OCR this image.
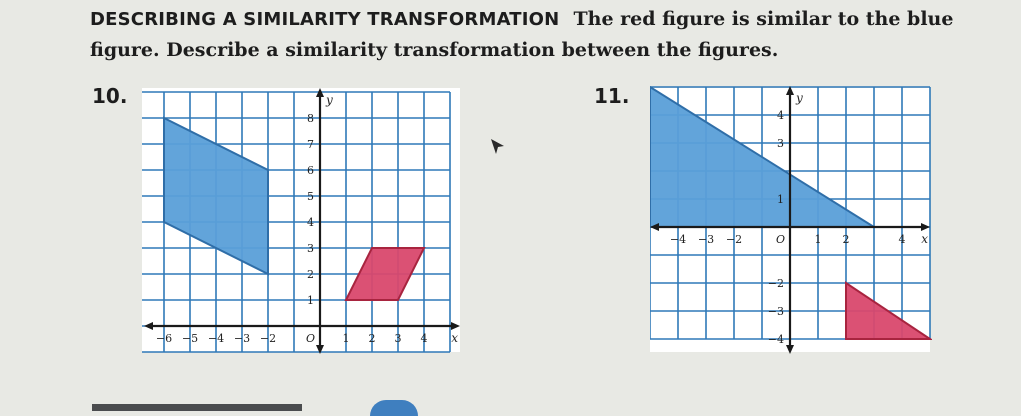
DESCRIBING A SIMILARITY TRANSFORMATION The red figure is similar to the blue
figure. Describe a similarity transformation between the figures.
10.	11.
−6 −5 −4 −3 −2	1 2 3 4
8
7
6
5
4
3
2
1
O	x
y
−4 −3 −2	1 2	4
4
3
1
−2
−3
−4
O	x
y
